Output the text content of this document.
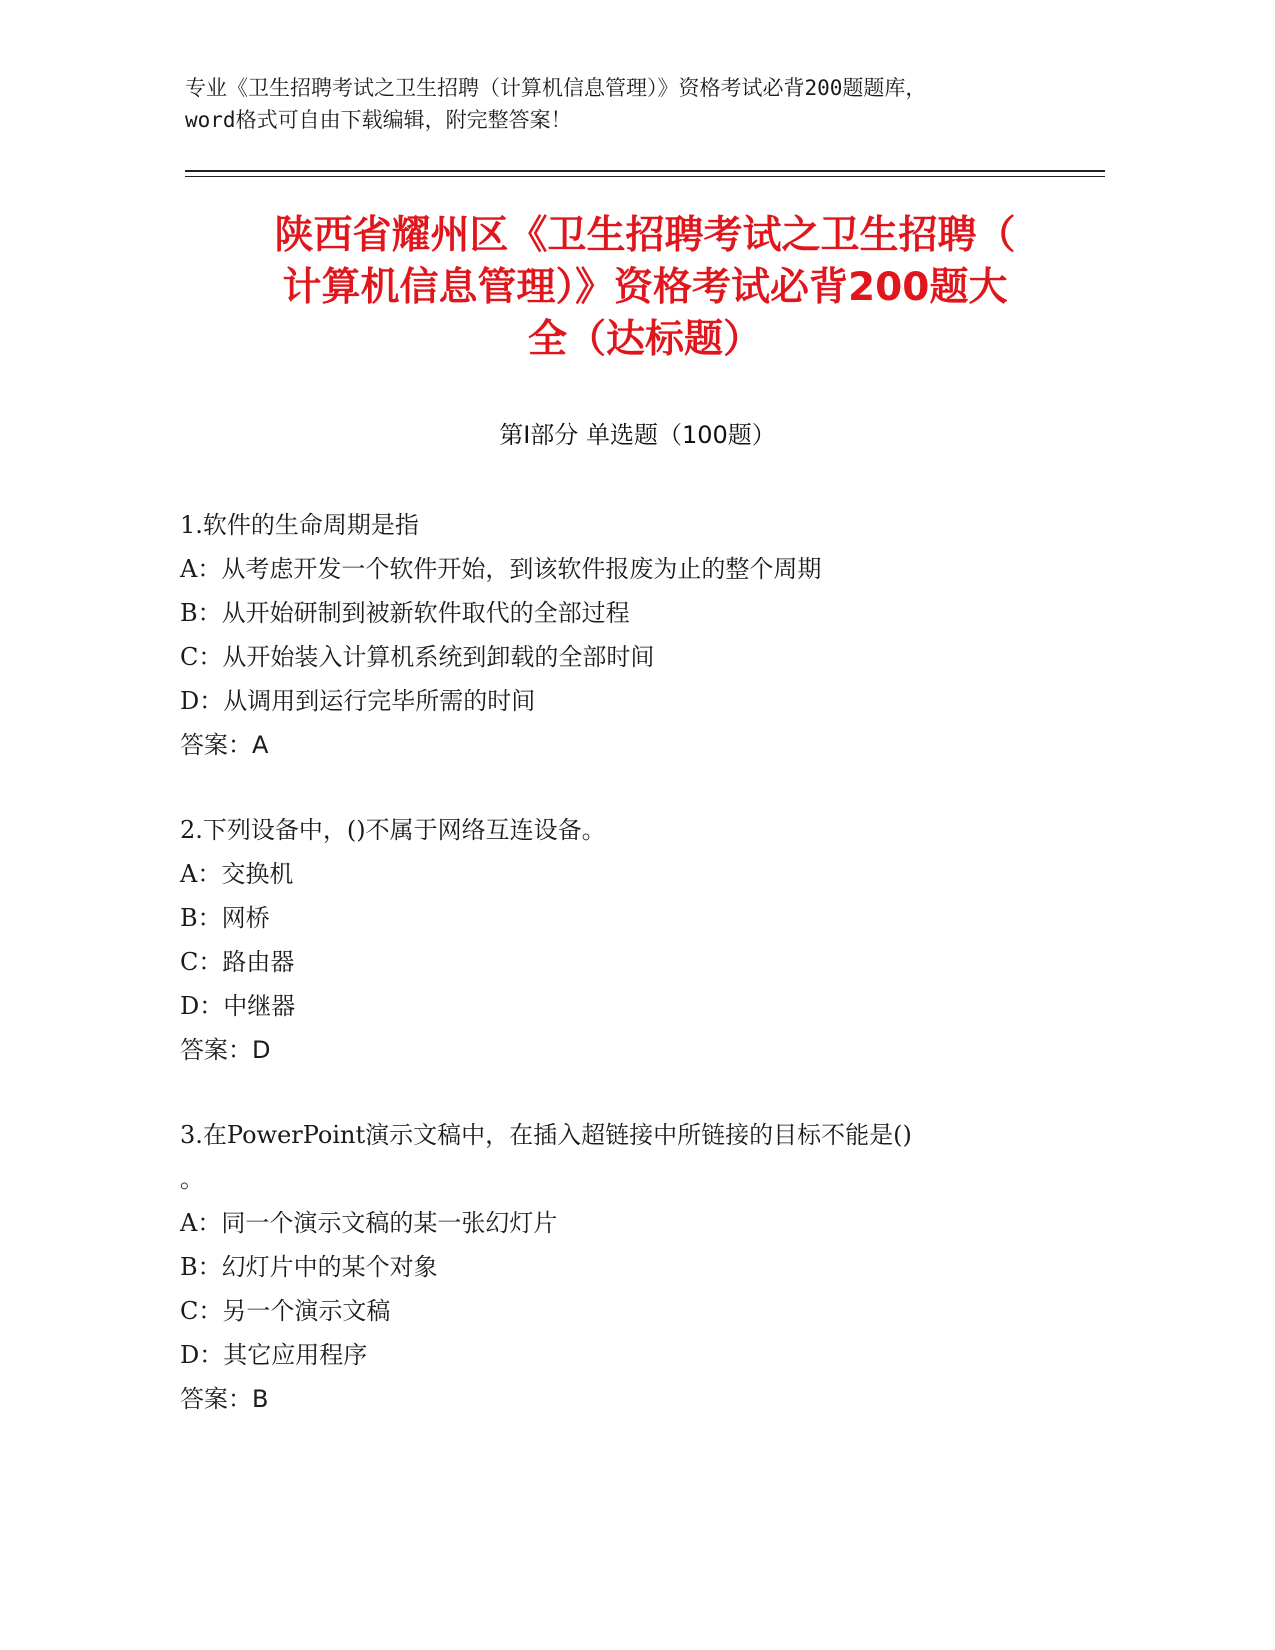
专业《卫生招聘考试之卫生招聘（计算机信息管理）》资格考试必背200题题库，
word格式可自由下载编辑，附完整答案！
陕西省耀州区《卫生招聘考试之卫生招聘（
计算机信息管理）》资格考试必背200题大
全（达标题）
第Ⅰ部分 单选题（100题）
1.软件的生命周期是指
A：从考虑开发一个软件开始，到该软件报废为止的整个周期
B：从开始研制到被新软件取代的全部过程
C：从开始装入计算机系统到卸载的全部时间
D：从调用到运行完毕所需的时间
答案：A
2.下列设备中，()不属于网络互连设备。
A：交换机
B：网桥
C：路由器
D：中继器
答案：D
3.在PowerPoint演示文稿中，在插入超链接中所链接的目标不能是()
。
A：同一个演示文稿的某一张幻灯片
B：幻灯片中的某个对象
C：另一个演示文稿
D：其它应用程序
答案：B
